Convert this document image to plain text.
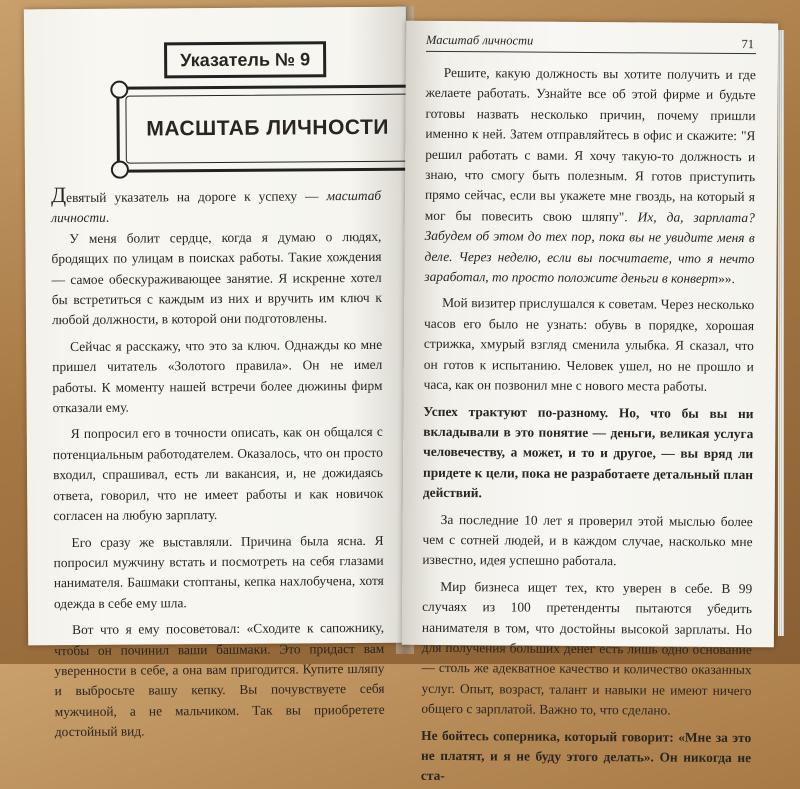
Указатель № 9
МАСШТАБ ЛИЧНОСТИ

Девятый указатель на дороге к успеху — масштаб личности.

У меня болит сердце, когда я думаю о людях, бродящих по улицам в поисках работы. Такие хождения — самое обескураживающее занятие. Я искренне хотел бы встретиться с каждым из них и вручить им ключ к любой должности, в которой они подготовлены.

Сейчас я расскажу, что это за ключ. Однажды ко мне пришел читатель «Золотого правила». Он не имел работы. К моменту нашей встречи более дюжины фирм отказали ему.

Я попросил его в точности описать, как он общался с потенциальным работодателем. Оказалось, что он просто входил, спрашивал, есть ли вакансия, и, не дожидаясь ответа, говорил, что не имеет работы и как новичок согласен на любую зарплату.

Его сразу же выставляли. Причина была ясна. Я попросил мужчину встать и посмотреть на себя глазами нанимателя. Башмаки стоптаны, кепка нахлобучена, хотя одежда в себе ему шла.

Вот что я ему посоветовал: «Сходите к сапожнику, чтобы он починил ваши башмаки. Это придаст вам уверенности в себе, а она вам пригодится. Купите шляпу и выбросьте вашу кепку. Вы почувствуете себя мужчиной, а не мальчиком. Так вы приобретете достойный вид.

Масштаб личности	71

Решите, какую должность вы хотите получить и где желаете работать. Узнайте все об этой фирме и будьте готовы назвать несколько причин, почему пришли именно к ней. Затем отправляйтесь в офис и скажите: "Я решил работать с вами. Я хочу такую-то должность и знаю, что смогу быть полезным. Я готов приступить прямо сейчас, если вы укажете мне гвоздь, на который я мог бы повесить свою шляпу". Их, да, зарплата? Забудем об этом до тех пор, пока вы не увидите меня в деле. Через неделю, если вы посчитаете, что я нечто заработал, то просто положите деньги в конверт»».

Мой визитер прислушался к советам. Через несколько часов его было не узнать: обувь в порядке, хорошая стрижка, хмурый взгляд сменила улыбка. Я сказал, что он готов к испытанию. Человек ушел, но не прошло и часа, как он позвонил мне с нового места работы.

Успех трактуют по-разному. Но, что бы вы ни вкладывали в это понятие — деньги, великая услуга человечеству, а может, и то и другое, — вы вряд ли придете к цели, пока не разработаете детальный план действий.

За последние 10 лет я проверил этой мыслью более чем с сотней людей, и в каждом случае, насколько мне известно, идея успешно работала.

Мир бизнеса ищет тех, кто уверен в себе. В 99 случаях из 100 претенденты пытаются убедить нанимателя в том, что достойны высокой зарплаты. Но для получения больших денег есть лишь одно основание — столь же адекватное качество и количество оказанных услуг. Опыт, возраст, талант и навыки не имеют ничего общего с зарплатой. Важно то, что сделано.

Не бойтесь соперника, который говорит: «Мне за это не платят, и я не буду этого делать». Он никогда не ста-
